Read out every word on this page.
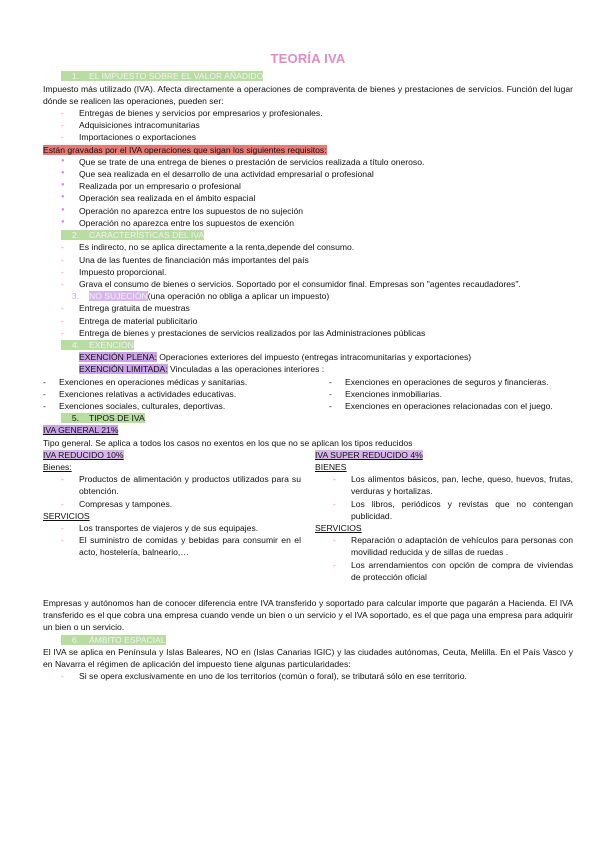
TEORÍA IVA
1. EL IMPUESTO SOBRE EL VALOR AÑADIDO

Impuesto más utilizado (IVA). Afecta directamente a operaciones de compraventa de bienes y prestaciones de servicios. Función del lugar dónde se realicen las operaciones, pueden ser:

- Entregas de bienes y servicios por empresarios y profesionales.
- Adquisiciones intracomunitarias
- Importaciones o exportaciones
Están gravadas por el IVA operaciones que sigan los siguientes requisitos:
● Que se trate de una entrega de bienes o prestación de servicios realizada a título oneroso.
● Que sea realizada en el desarrollo de una actividad empresarial o profesional
● Realizada por un empresario o profesional
● Operación sea realizada en el ámbito espacial
● Operación no aparezca entre los supuestos de no sujeción
● Operación no aparezca entre los supuestos de exención
2. CARACTERÍSTICAS DEL IVA
- Es indirecto, no se aplica directamente a la renta,depende del consumo.
- Una de las fuentes de financiación más importantes del país
- Impuesto proporcional.
- Grava el consumo de bienes o servicios. Soportado por el consumidor final. Empresas son "agentes recaudadores".
3. NO SUJECIÓN(una operación no obliga a aplicar un impuesto)
- Entrega gratuita de muestras
- Entrega de material publicitario
- Entrega de bienes y prestaciones de servicios realizados por las Administraciones públicas
4. EXENCIÓN
EXENCIÓN PLENA: Operaciones exteriores del impuesto (entregas intracomunitarias y exportaciones)
EXENCIÓN LIMITADA: Vinculadas a las operaciones interiores :
- Exenciones en operaciones médicas y sanitarias.
- Exenciones relativas a actividades educativas.
- Exenciones sociales, culturales, deportivas.
- Exenciones en operaciones de seguros y financieras.
- Exenciones inmobiliarias.
- Exenciones en operaciones relacionadas con el juego.
5. TIPOS DE IVA
IVA GENERAL 21%

Tipo general. Se aplica a todos los casos no exentos en los que no se aplican los tipos reducidos

IVA REDUCIDO 10%
Bienes:
- Productos de alimentación y productos utilizados para su obtención.
- Compresas y tampones.
SERVICIOS
- Los transportes de viajeros y de sus equipajes.
- El suministro de comidas y bebidas para consumir en el acto, hostelería, balneario,…
IVA SUPER REDUCIDO 4%
BIENES
- Los alimentos básicos, pan, leche, queso, huevos, frutas, verduras y hortalizas.
- Los libros, periódicos y revistas que no contengan publicidad.
SERVICIOS
- Reparación o adaptación de vehículos para personas con movilidad reducida y de sillas de ruedas .
- Los arrendamientos con opción de compra de viviendas de protección oficial

Empresas y autónomos han de conocer diferencia entre IVA transferido y soportado para calcular importe que pagarán a Hacienda. El IVA transferido es el que cobra una empresa cuando vende un bien o un servicio y el IVA soportado, es el que paga una empresa para adquirir un bien o un servicio.

6. ÁMBITO ESPACIAL

El IVA se aplica en Península y Islas Baleares, NO en (Islas Canarias IGIC) y las ciudades autónomas, Ceuta, Melilla. En el País Vasco y en Navarra el régimen de aplicación del impuesto tiene algunas particularidades:

- Si se opera exclusivamente en uno de los territorios (común o foral), se tributará sólo en ese territorio.
